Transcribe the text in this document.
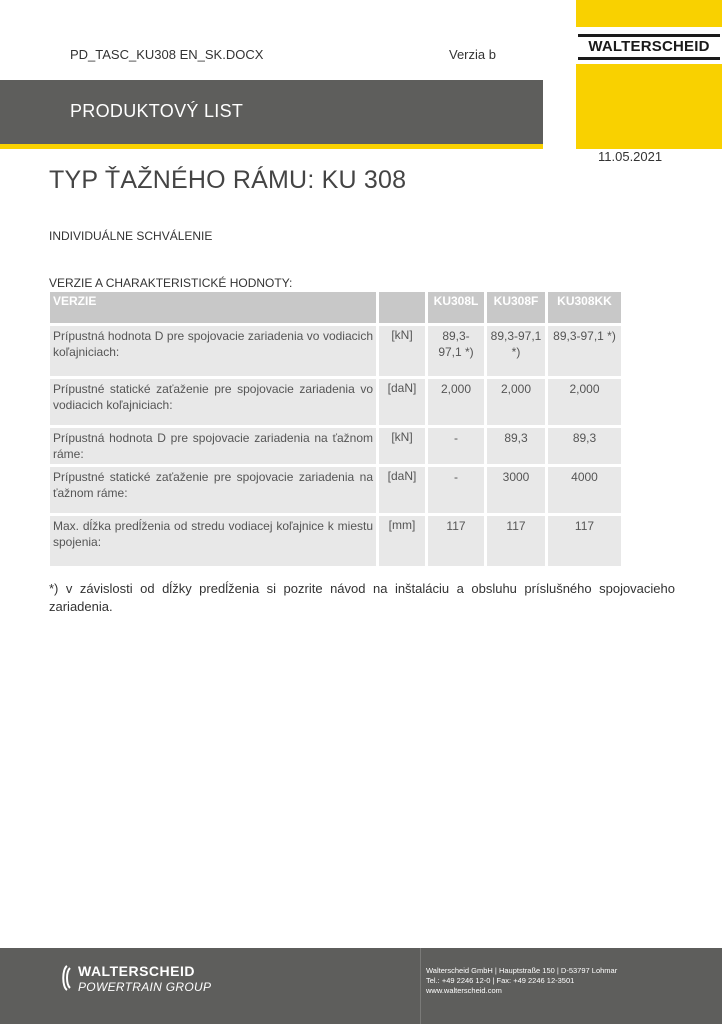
PD_TASC_KU308 EN_SK.DOCX	Verzia b	WALTERSCHEID
PRODUKTOVÝ LIST
11.05.2021
TYP ŤAŽNÉHO RÁMU: KU 308
INDIVIDUÁLNE SCHVÁLENIE
VERZIE A CHARAKTERISTICKÉ HODNOTY:
VERZIE		KU308L	KU308F	KU308KK
Prípustná hodnota D pre spojovacie zariadenia vo vodiacich koľajniciach:	[kN]	89,3-97,1 *)	89,3-97,1 *)	89,3-97,1 *)
Prípustné statické zaťaženie pre spojovacie zariadenia vo vodiacich koľajniciach:	[daN]	2,000	2,000	2,000
Prípustná hodnota D pre spojovacie zariadenia na ťažnom ráme:	[kN]	-	89,3	89,3
Prípustné statické zaťaženie pre spojovacie zariadenia na ťažnom ráme:	[daN]	-	3000	4000
Max. dĺžka predĺženia od stredu vodiacej koľajnice k miestu spojenia:	[mm]	117	117	117
*) v závislosti od dĺžky predĺženia si pozrite návod na inštaláciu a obsluhu príslušného spojovacieho zariadenia.
WALTERSCHEID
POWERTRAIN GROUP
Walterscheid GmbH | Hauptstraße 150 | D-53797 Lohmar
Tel.: +49 2246 12-0 | Fax: +49 2246 12-3501
www.walterscheid.com
